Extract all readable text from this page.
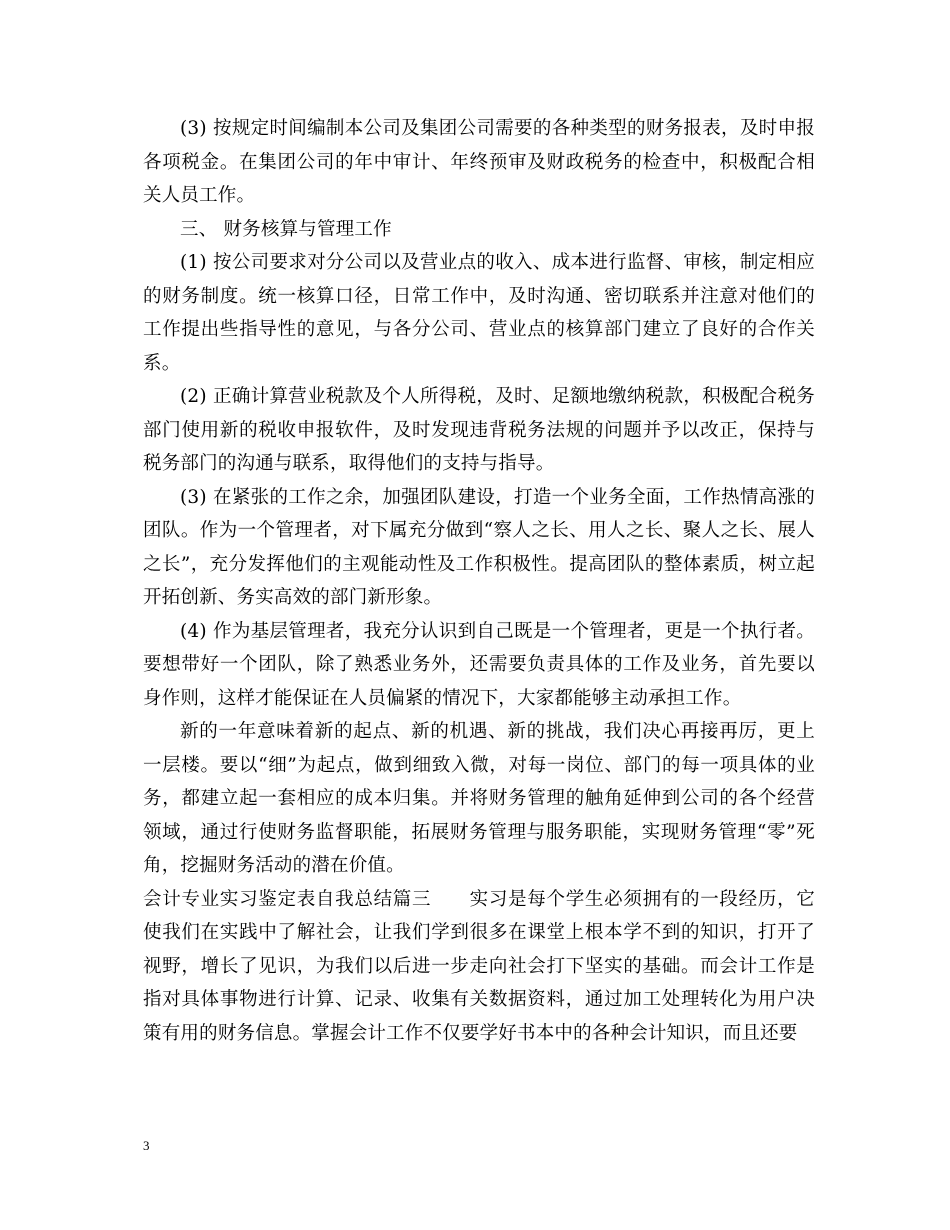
(3) 按规定时间编制本公司及集团公司需要的各种类型的财务报表，及时申报各项税金。在集团公司的年中审计、年终预审及财政税务的检查中，积极配合相关人员工作。

三、 财务核算与管理工作

(1) 按公司要求对分公司以及营业点的收入、成本进行监督、审核，制定相应的财务制度。统一核算口径，日常工作中，及时沟通、密切联系并注意对他们的工作提出些指导性的意见，与各分公司、营业点的核算部门建立了良好的合作关系。

(2) 正确计算营业税款及个人所得税，及时、足额地缴纳税款，积极配合税务部门使用新的税收申报软件，及时发现违背税务法规的问题并予以改正，保持与税务部门的沟通与联系，取得他们的支持与指导。

(3) 在紧张的工作之余，加强团队建设，打造一个业务全面，工作热情高涨的团队。作为一个管理者，对下属充分做到“察人之长、用人之长、聚人之长、展人之长”，充分发挥他们的主观能动性及工作积极性。提高团队的整体素质，树立起开拓创新、务实高效的部门新形象。

(4) 作为基层管理者，我充分认识到自己既是一个管理者，更是一个执行者。要想带好一个团队，除了熟悉业务外，还需要负责具体的工作及业务，首先要以身作则，这样才能保证在人员偏紧的情况下，大家都能够主动承担工作。

新的一年意味着新的起点、新的机遇、新的挑战，我们决心再接再厉，更上一层楼。要以“细”为起点，做到细致入微，对每一岗位、部门的每一项具体的业务，都建立起一套相应的成本归集。并将财务管理的触角延伸到公司的各个经营领域，通过行使财务监督职能，拓展财务管理与服务职能，实现财务管理“零”死角，挖掘财务活动的潜在价值。

会计专业实习鉴定表自我总结篇三　　实习是每个学生必须拥有的一段经历，它使我们在实践中了解社会，让我们学到很多在课堂上根本学不到的知识，打开了视野，增长了见识，为我们以后进一步走向社会打下坚实的基础。而会计工作是指对具体事物进行计算、记录、收集有关数据资料，通过加工处理转化为用户决策有用的财务信息。掌握会计工作不仅要学好书本中的各种会计知识，而且还要

3
